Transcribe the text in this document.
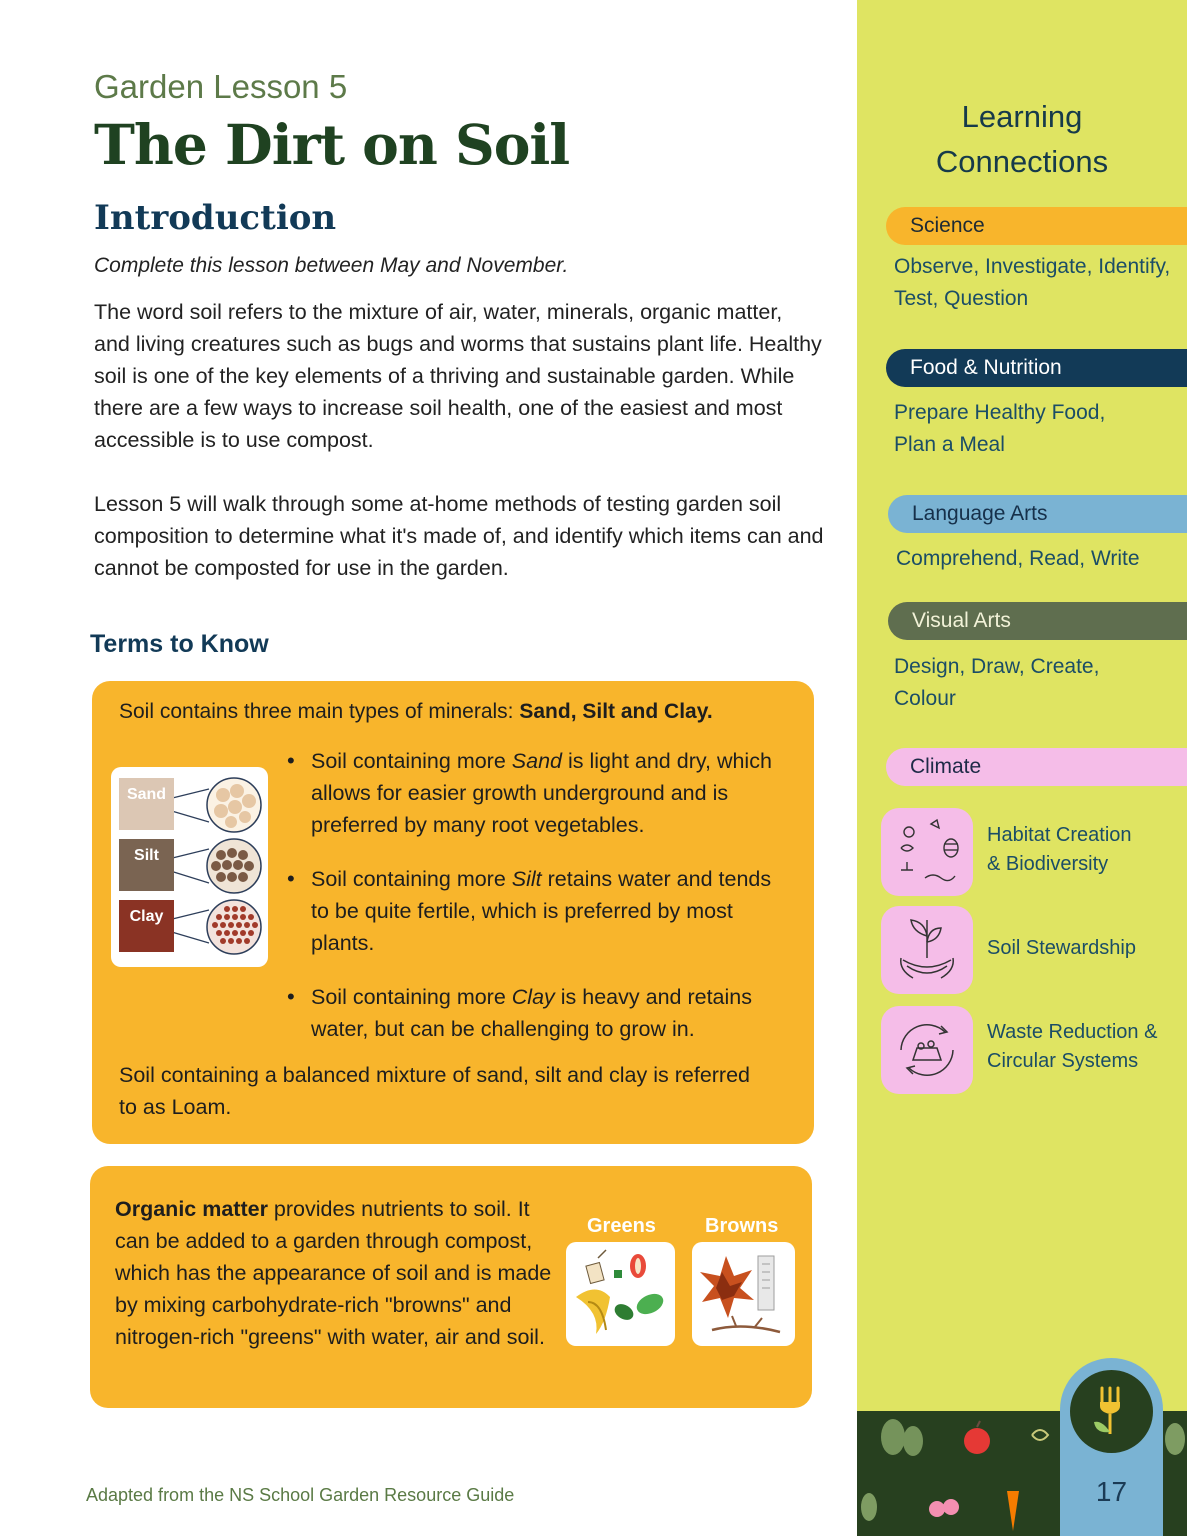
Garden Lesson 5
The Dirt on Soil
Introduction

Complete this lesson between May and November.

The word soil refers to the mixture of air, water, minerals, organic matter, and living creatures such as bugs and worms that sustains plant life. Healthy soil is one of the key elements of a thriving and sustainable garden. While there are a few ways to increase soil health, one of the easiest and most accessible is to use compost.

Lesson 5 will walk through some at-home methods of testing garden soil composition to determine what it's made of, and identify which items can and cannot be composted for use in the garden.

Terms to Know

Soil contains three main types of minerals: Sand, Silt and Clay.

Sand
Silt
Clay
• Soil containing more Sand is light and dry, which allows for easier growth underground and is preferred by many root vegetables.
• Soil containing more Silt retains water and tends to be quite fertile, which is preferred by most plants.
• Soil containing more Clay is heavy and retains water, but can be challenging to grow in.

Soil containing a balanced mixture of sand, silt and clay is referred to as Loam.

Organic matter provides nutrients to soil. It can be added to a garden through compost, which has the appearance of soil and is made by mixing carbohydrate-rich "browns" and nitrogen-rich "greens" with water, air and soil.

Greens Browns
Adapted from the NS School Garden Resource Guide
Learning
Connections
Science

Observe, Investigate, Identify, Test, Question

Food & Nutrition

Prepare Healthy Food, Plan a Meal

Language Arts

Comprehend, Read, Write

Visual Arts

Design, Draw, Create, Colour

Climate
Habitat Creation
& Biodiversity
Soil Stewardship
Waste Reduction &
Circular Systems
17
